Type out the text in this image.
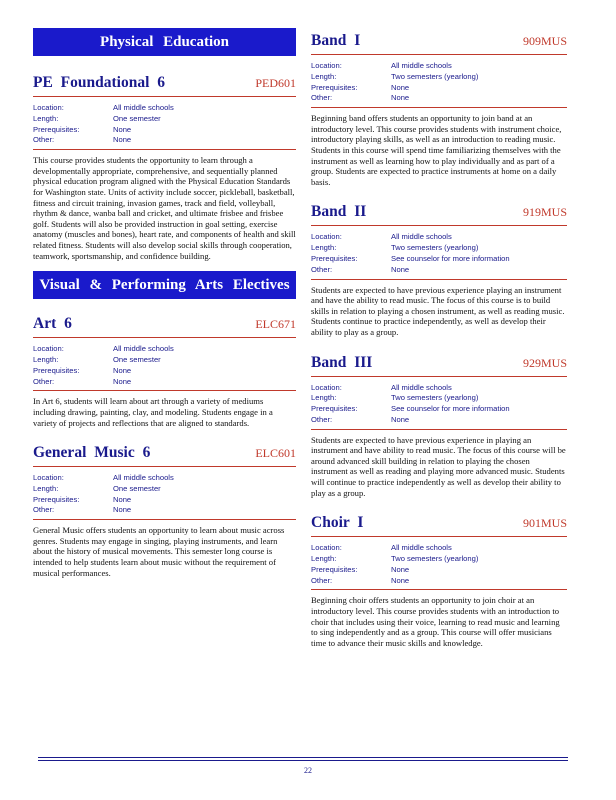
Physical Education
PE Foundational 6	PED601
Location:	All middle schools
Length:	One semester
Prerequisites:	None
Other:	None

This course provides students the opportunity to learn through a developmentally appropriate, comprehensive, and sequentially planned physical education program aligned with the Physical Education Standards for Washington state. Units of activity include soccer, pickleball, basketball, fitness and circuit training, invasion games, track and field, volleyball, rhythm & dance, wanba ball and cricket, and ultimate frisbee and frisbee golf. Students will also be provided instruction in goal setting, exercise anatomy (muscles and bones), heart rate, and components of health and skill related fitness. Students will also develop social skills through cooperation, teamwork, sportsmanship, and confidence building.

Visual & Performing Arts Electives
Art 6	ELC671
Location:	All middle schools
Length:	One semester
Prerequisites:	None
Other:	None

In Art 6, students will learn about art through a variety of mediums including drawing, painting, clay, and modeling. Students engage in a variety of projects and reflections that are aligned to standards.

General Music 6	ELC601
Location:	All middle schools
Length:	One semester
Prerequisites:	None
Other:	None

General Music offers students an opportunity to learn about music across genres. Students may engage in singing, playing instruments, and learn about the history of musical movements. This semester long course is intended to help students learn about music without the requirement of musical performances.

Band I	909MUS
Location:	All middle schools
Length:	Two semesters (yearlong)
Prerequisites:	None
Other:	None

Beginning band offers students an opportunity to join band at an introductory level. This course provides students with instrument choice, introductory playing skills, as well as an introduction to reading music. Students in this course will spend time familiarizing themselves with the instrument as well as learning how to play individually and as part of a group. Students are expected to practice instruments at home on a daily basis.

Band II	919MUS
Location:	All middle schools
Length:	Two semesters (yearlong)
Prerequisites:	See counselor for more information
Other:	None

Students are expected to have previous experience playing an instrument and have the ability to read music. The focus of this course is to build skills in relation to playing a chosen instrument, as well as reading music. Students continue to practice independently, as well as develop their ability to play as a group.

Band III	929MUS
Location:	All middle schools
Length:	Two semesters (yearlong)
Prerequisites:	See counselor for more information
Other:	None

Students are expected to have previous experience in playing an instrument and have ability to read music. The focus of this course will be around advanced skill building in relation to playing the chosen instrument as well as reading and playing more advanced music. Students will continue to practice independently as well as develop their ability to play as a group.

Choir I	901MUS
Location:	All middle schools
Length:	Two semesters (yearlong)
Prerequisites:	None
Other:	None

Beginning choir offers students an opportunity to join choir at an introductory level. This course provides students with an introduction to choir that includes using their voice, learning to read music and learning to sing independently and as a group. This course will offer musicians time to advance their music skills and knowledge.

22
